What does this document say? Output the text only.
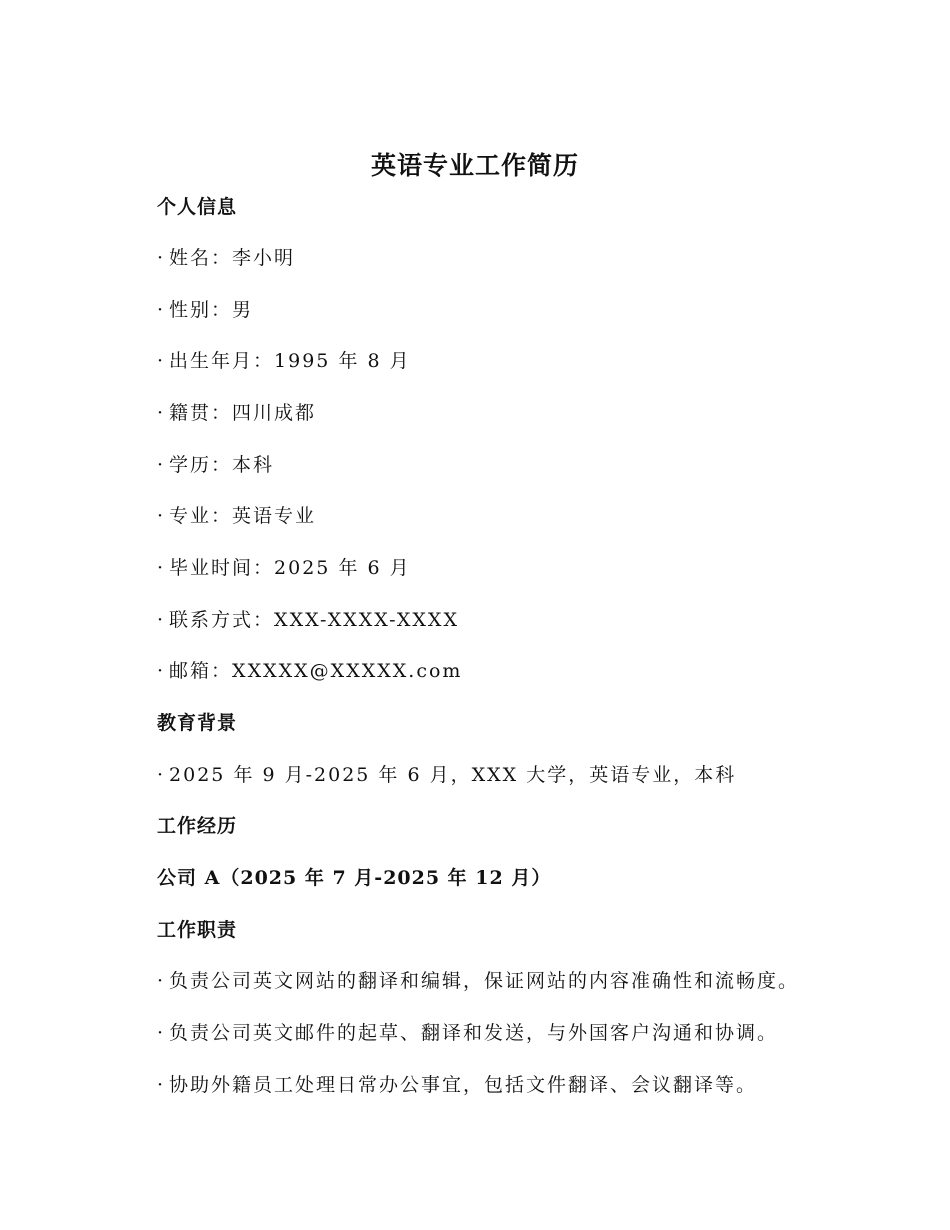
英语专业工作简历
个人信息

· 姓名：李小明

· 性别：男

· 出生年月：1995 年 8 月

· 籍贯：四川成都

· 学历：本科

· 专业：英语专业

· 毕业时间：2025 年 6 月

· 联系方式：XXX-XXXX-XXXX

· 邮箱：XXXXX@XXXXX.com

教育背景

· 2025 年 9 月-2025 年 6 月，XXX 大学，英语专业，本科

工作经历
公司 A（2025 年 7 月-2025 年 12 月）
工作职责

· 负责公司英文网站的翻译和编辑，保证网站的内容准确性和流畅度。

· 负责公司英文邮件的起草、翻译和发送，与外国客户沟通和协调。

· 协助外籍员工处理日常办公事宜，包括文件翻译、会议翻译等。
